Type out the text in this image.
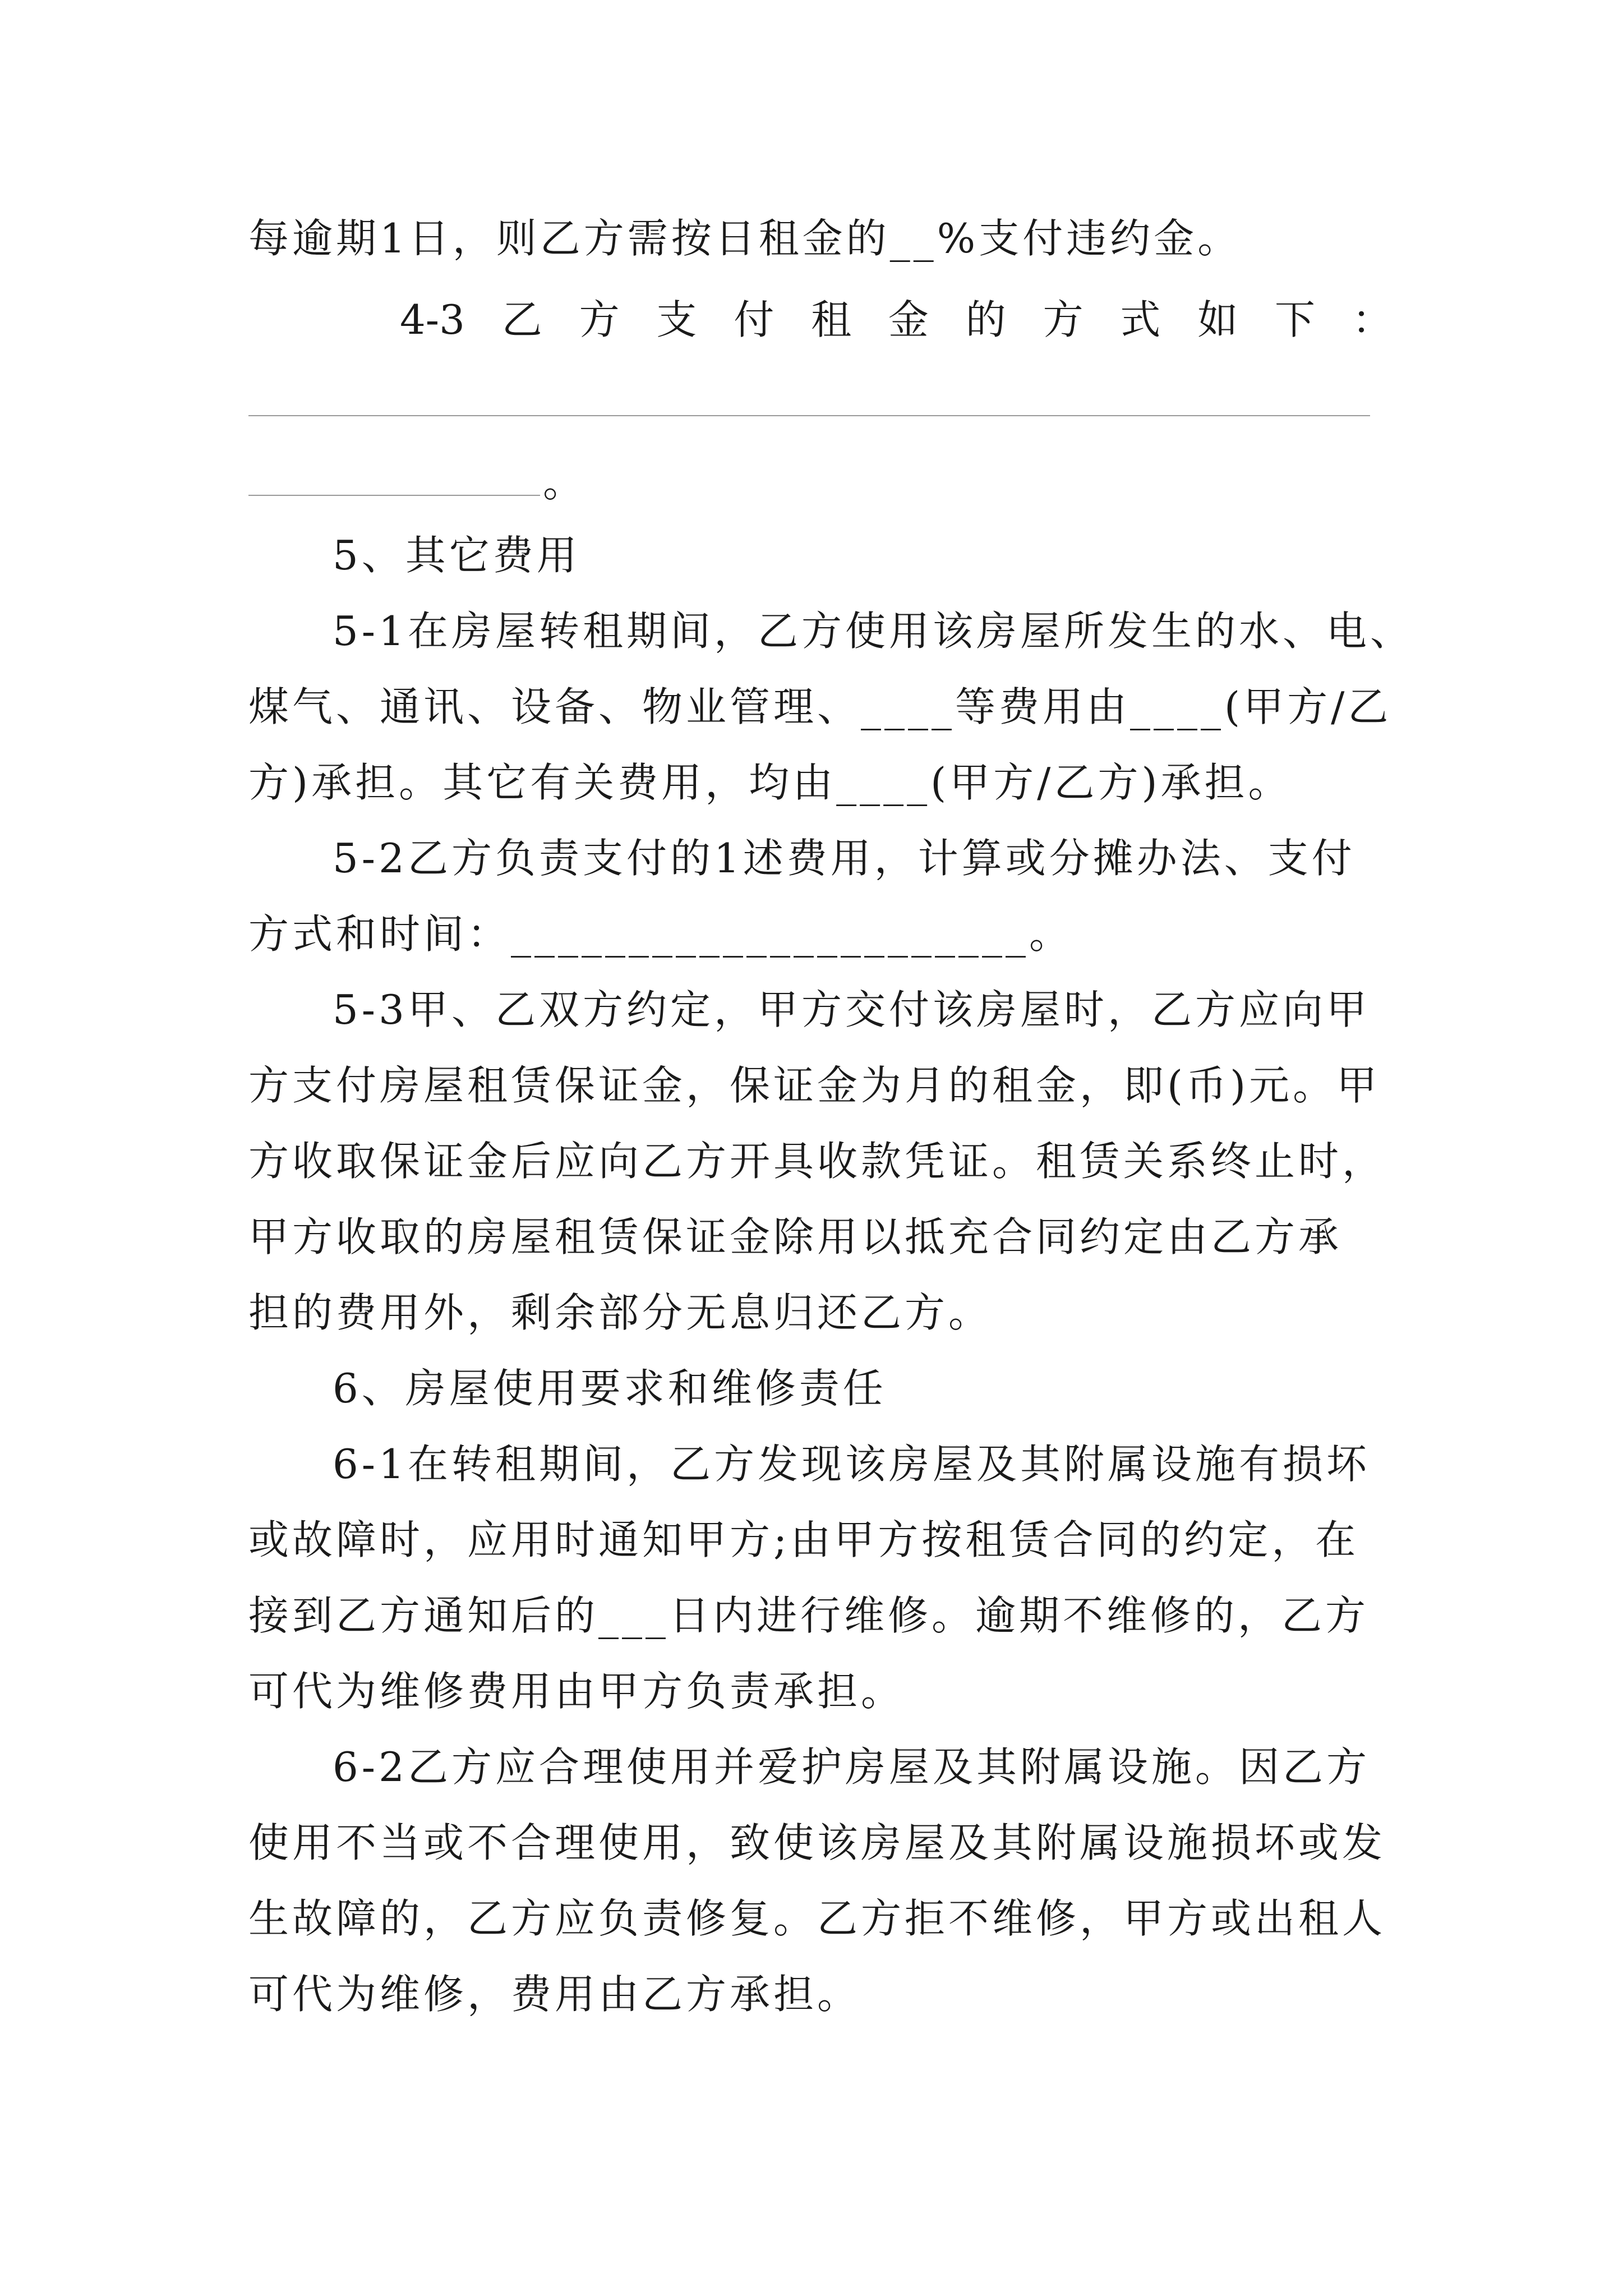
每逾期1日，则乙方需按日租金的__%支付违约金。
4-3 乙 方 支 付 租 金 的 方 式 如 下 ：
。
5、其它费用
5-1在房屋转租期间，乙方使用该房屋所发生的水、电、
煤气、通讯、设备、物业管理、____等费用由____(甲方/乙
方)承担。其它有关费用，均由____(甲方/乙方)承担。
5-2乙方负责支付的1述费用，计算或分摊办法、支付
方式和时间：______________________。
5-3甲、乙双方约定，甲方交付该房屋时，乙方应向甲
方支付房屋租赁保证金，保证金为月的租金，即(币)元。甲
方收取保证金后应向乙方开具收款凭证。租赁关系终止时，
甲方收取的房屋租赁保证金除用以抵充合同约定由乙方承
担的费用外，剩余部分无息归还乙方。
6、房屋使用要求和维修责任
6-1在转租期间，乙方发现该房屋及其附属设施有损坏
或故障时，应用时通知甲方;由甲方按租赁合同的约定，在
接到乙方通知后的___日内进行维修。逾期不维修的，乙方
可代为维修费用由甲方负责承担。
6-2乙方应合理使用并爱护房屋及其附属设施。因乙方
使用不当或不合理使用，致使该房屋及其附属设施损坏或发
生故障的，乙方应负责修复。乙方拒不维修，甲方或出租人
可代为维修，费用由乙方承担。
